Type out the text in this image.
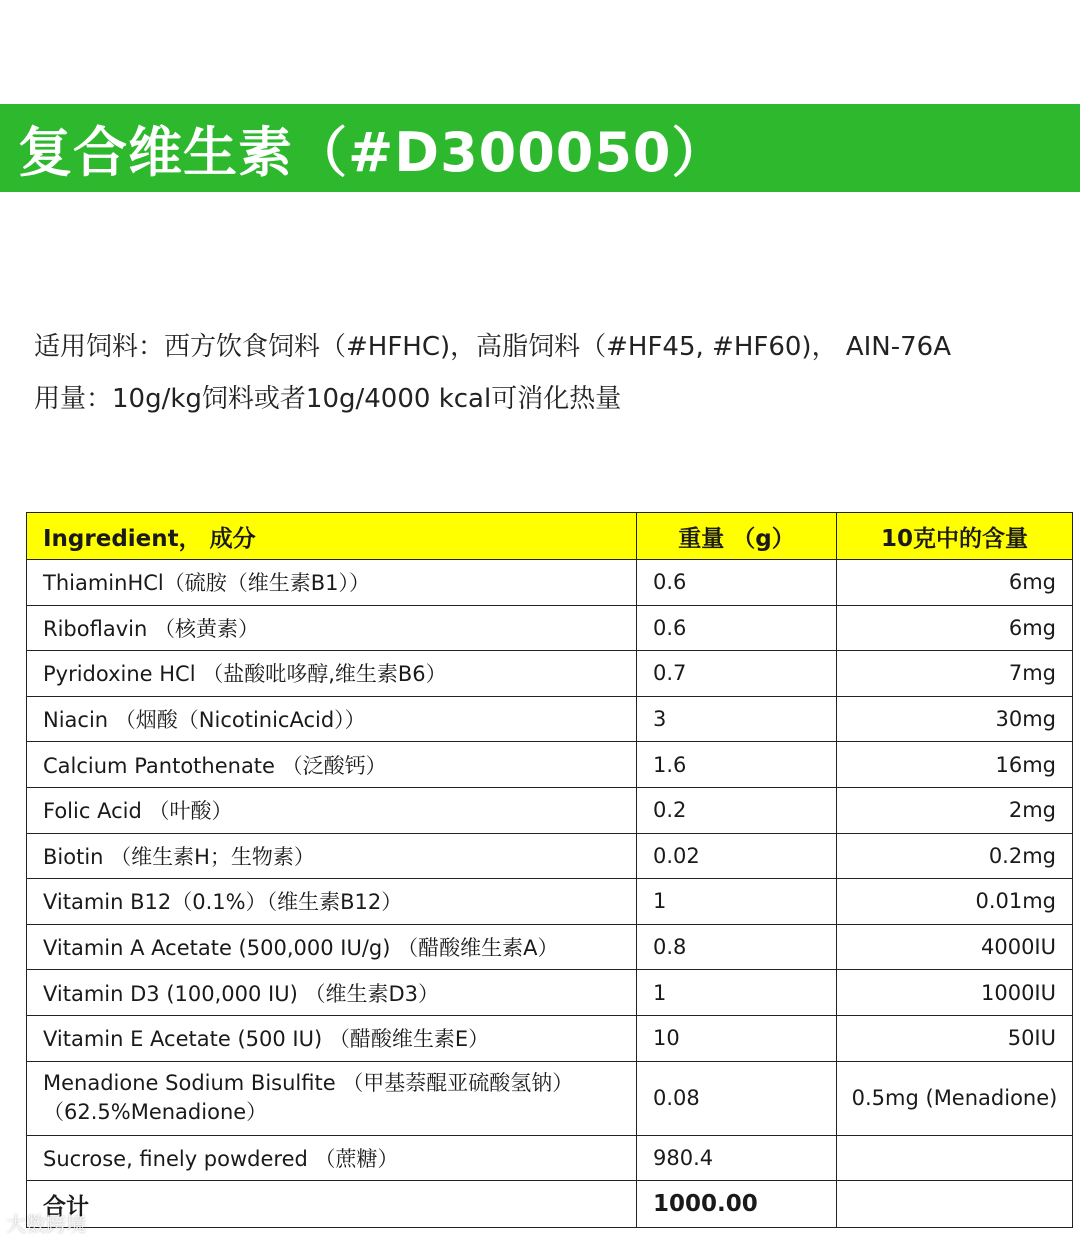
复合维生素（#D300050）
适用饲料：西方饮食饲料（#HFHC)，高脂饲料（#HF45, #HF60)， AIN-76A
用量：10g/kg饲料或者10g/4000 kcal可消化热量
Ingredient， 成分	重量 （g）	10克中的含量
ThiaminHCl（硫胺（维生素B1））	0.6	6mg
Riboflavin （核黄素）	0.6	6mg
Pyridoxine HCl （盐酸吡哆醇,维生素B6）	0.7	7mg
Niacin （烟酸（NicotinicAcid））	3	30mg
Calcium Pantothenate （泛酸钙）	1.6	16mg
Folic Acid （叶酸）	0.2	2mg
Biotin （维生素H；生物素）	0.02	0.2mg
Vitamin B12（0.1%）（维生素B12）	1	0.01mg
Vitamin A Acetate (500,000 IU/g) （醋酸维生素A）	0.8	4000IU
Vitamin D3 (100,000 IU) （维生素D3）	1	1000IU
Vitamin E Acetate (500 IU) （醋酸维生素E）	10	50IU

Menadione Sodium Bisulfite （甲基萘醌亚硫酸氢钠）
（62.5%Menadione）	0.08	0.5mg (Menadione)
Sucrose, finely powdered （蔗糖）	980.4	
合计	1000.00	
大数跨境
